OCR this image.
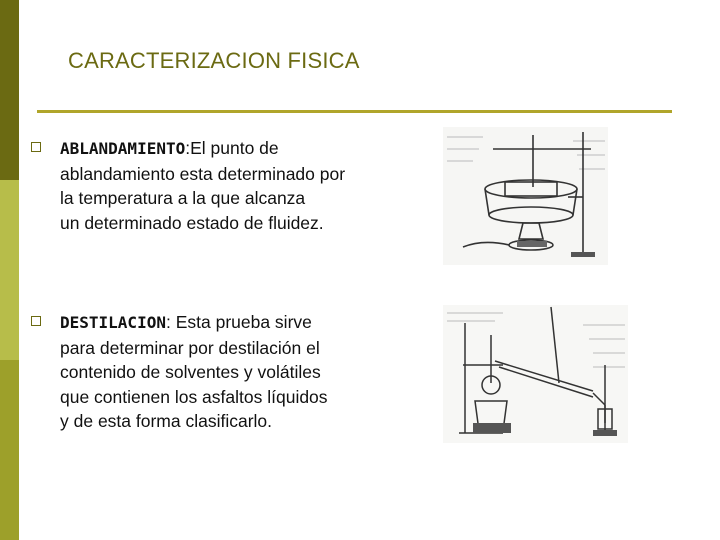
CARACTERIZACION FISICA
ABLANDAMIENTO:El punto de
ablandamiento esta determinado por
la temperatura a la que alcanza
un determinado estado de fluidez.
DESTILACION: Esta prueba sirve
para determinar por destilación el
contenido de solventes y volátiles
que contienen los asfaltos líquidos
y de esta forma clasificarlo.
